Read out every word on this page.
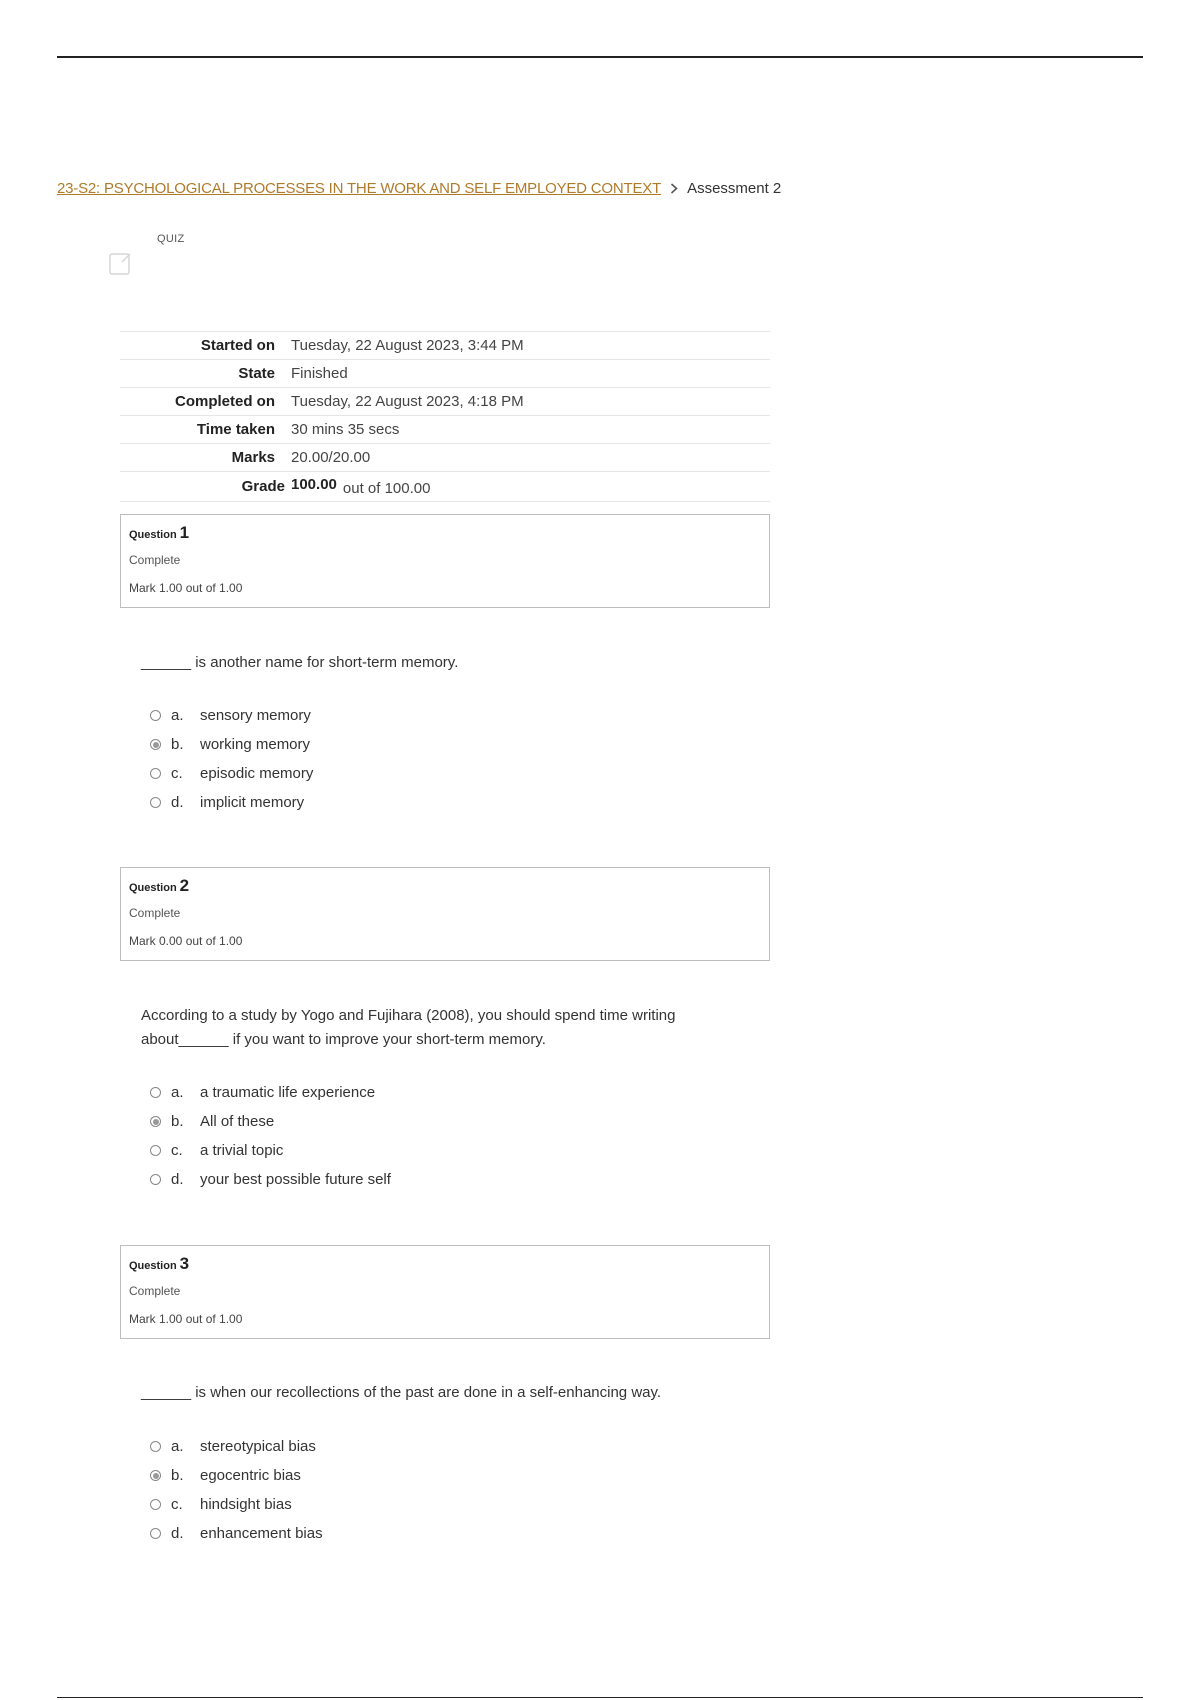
23-S2: PSYCHOLOGICAL PROCESSES IN THE WORK AND SELF EMPLOYED CONTEXT Assessment 2
QUIZ
Started on	Tuesday, 22 August 2023, 3:44 PM
State	Finished
Completed on	Tuesday, 22 August 2023, 4:18 PM
Time taken	30 mins 35 secs
Marks	20.00/20.00
Grade	100.00 out of 100.00
Question 1
Complete
Mark 1.00 out of 1.00
______ is another name for short-term memory.
a.	sensory memory
b.	working memory
c.	episodic memory
d.	implicit memory
Question 2
Complete
Mark 0.00 out of 1.00
According to a study by Yogo and Fujihara (2008), you should spend time writing about______ if you want to improve your short-term memory.
a.	a traumatic life experience
b.	All of these
c.	a trivial topic
d.	your best possible future self
Question 3
Complete
Mark 1.00 out of 1.00
______ is when our recollections of the past are done in a self-enhancing way.
a.	stereotypical bias
b.	egocentric bias
c.	hindsight bias
d.	enhancement bias
